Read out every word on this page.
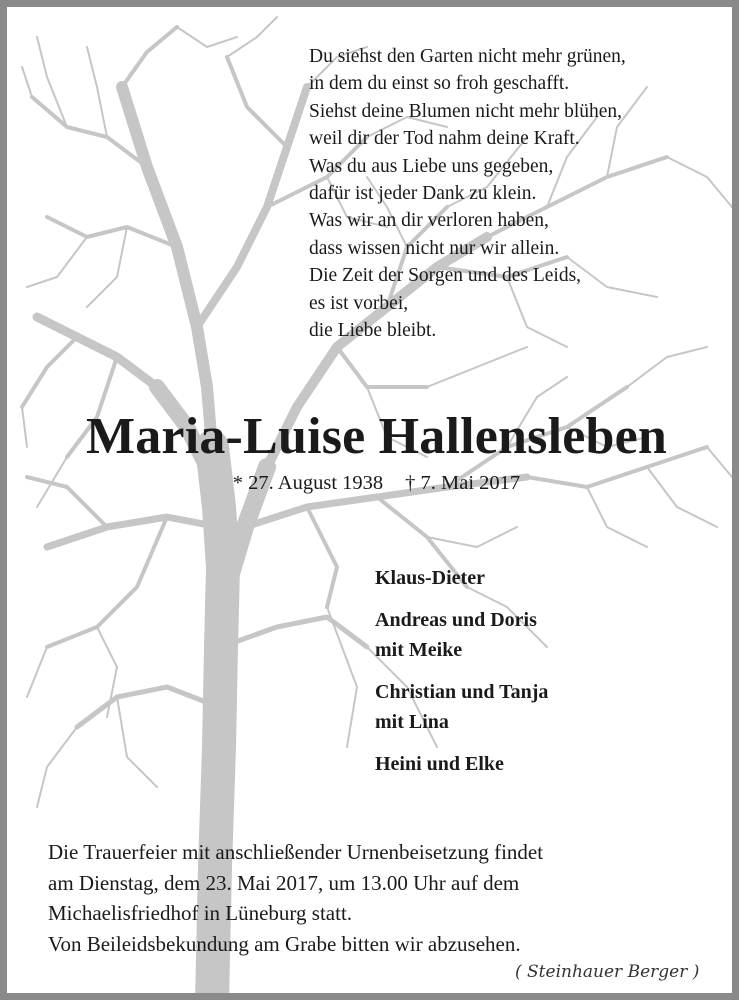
Du siehst den Garten nicht mehr grünen,
in dem du einst so froh geschafft.
Siehst deine Blumen nicht mehr blühen,
weil dir der Tod nahm deine Kraft.
Was du aus Liebe uns gegeben,
dafür ist jeder Dank zu klein.
Was wir an dir verloren haben,
dass wissen nicht nur wir allein.
Die Zeit der Sorgen und des Leids,
es ist vorbei,
die Liebe bleibt.
Maria-Luise Hallensleben
* 27. August 1938 † 7. Mai 2017
Klaus-Dieter
Andreas und Doris
mit Meike
Christian und Tanja
mit Lina
Heini und Elke
Die Trauerfeier mit anschließender Urnenbeisetzung findet
am Dienstag, dem 23. Mai 2017, um 13.00 Uhr auf dem
Michaelisfriedhof in Lüneburg statt.
Von Beileidsbekundung am Grabe bitten wir abzusehen.
( Steinhauer Berger )
